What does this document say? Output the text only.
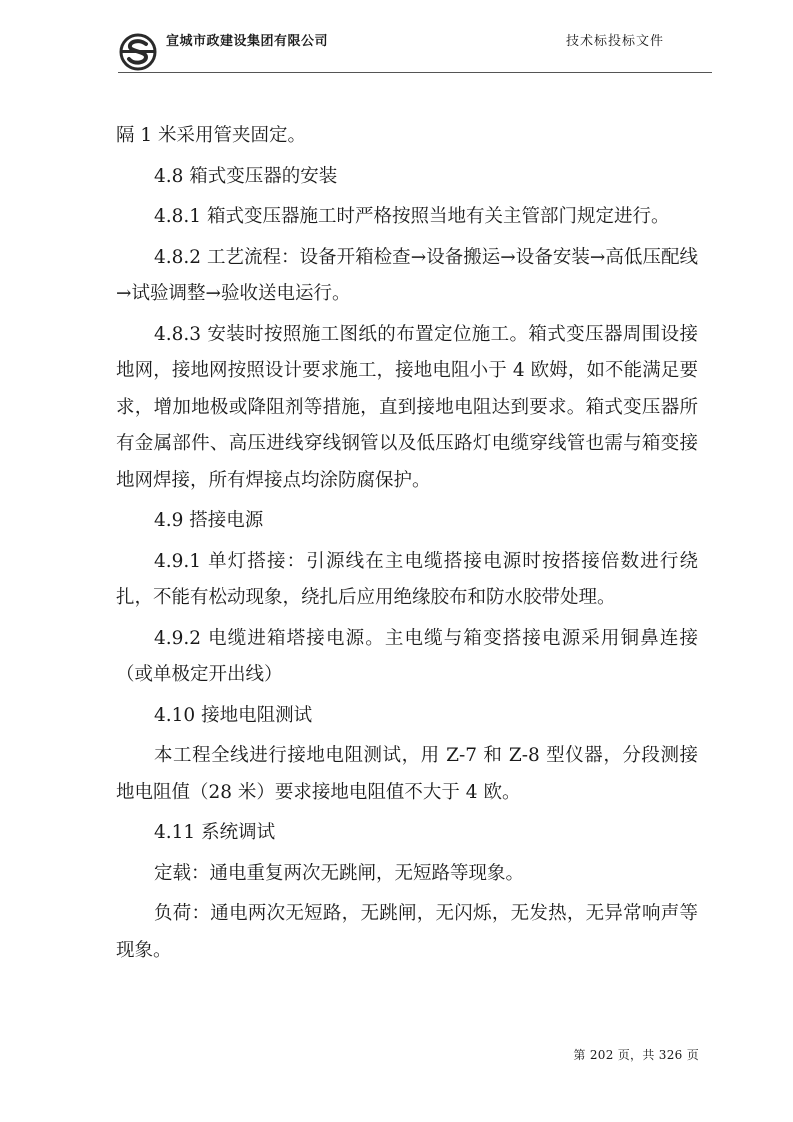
宣城市政建设集团有限公司	技术标投标文件

隔 1 米采用管夹固定。

4.8 箱式变压器的安装

4.8.1 箱式变压器施工时严格按照当地有关主管部门规定进行。

4.8.2 工艺流程：设备开箱检查→设备搬运→设备安装→高低压配线→试验调整→验收送电运行。

4.8.3 安装时按照施工图纸的布置定位施工。箱式变压器周围设接地网，接地网按照设计要求施工，接地电阻小于 4 欧姆，如不能满足要求，增加地极或降阻剂等措施，直到接地电阻达到要求。箱式变压器所有金属部件、高压进线穿线钢管以及低压路灯电缆穿线管也需与箱变接地网焊接，所有焊接点均涂防腐保护。

4.9 搭接电源

4.9.1 单灯搭接：引源线在主电缆搭接电源时按搭接倍数进行绕扎，不能有松动现象，绕扎后应用绝缘胶布和防水胶带处理。

4.9.2 电缆进箱塔接电源。主电缆与箱变搭接电源采用铜鼻连接（或单极定开出线）

4.10 接地电阻测试

本工程全线进行接地电阻测试，用 Z-7 和 Z-8 型仪器，分段测接地电阻值（28 米）要求接地电阻值不大于 4 欧。

4.11 系统调试

定载：通电重复两次无跳闸，无短路等现象。

负荷：通电两次无短路，无跳闸，无闪烁，无发热，无异常响声等现象。

第 202 页，共 326 页
